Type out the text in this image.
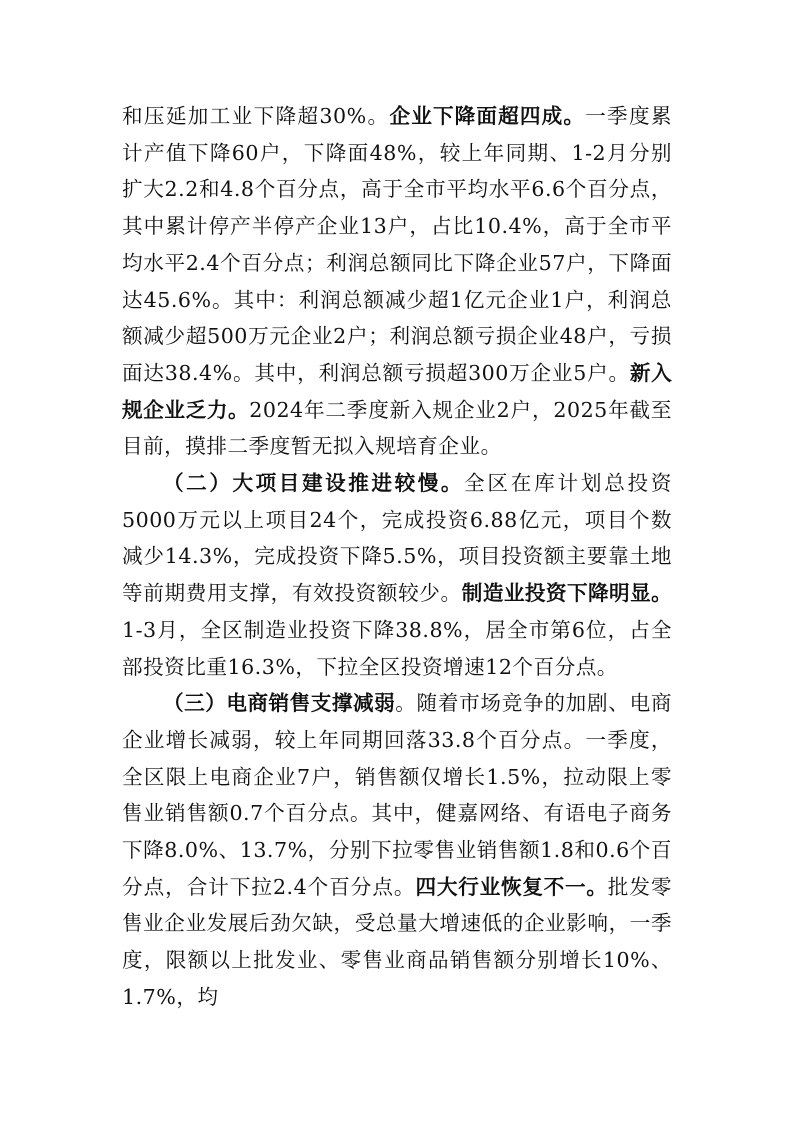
和压延加工业下降超30%。企业下降面超四成。一季度累计产值下降60户，下降面48%，较上年同期、1-2月分别扩大2.2和4.8个百分点，高于全市平均水平6.6个百分点，其中累计停产半停产企业13户，占比10.4%，高于全市平均水平2.4个百分点；利润总额同比下降企业57户，下降面达45.6%。其中：利润总额减少超1亿元企业1户，利润总额减少超500万元企业2户；利润总额亏损企业48户，亏损面达38.4%。其中，利润总额亏损超300万企业5户。新入规企业乏力。2024年二季度新入规企业2户，2025年截至目前，摸排二季度暂无拟入规培育企业。

（二）大项目建设推进较慢。全区在库计划总投资5000万元以上项目24个，完成投资6.88亿元，项目个数减少14.3%，完成投资下降5.5%，项目投资额主要靠土地等前期费用支撑，有效投资额较少。制造业投资下降明显。1-3月，全区制造业投资下降38.8%，居全市第6位，占全部投资比重16.3%，下拉全区投资增速12个百分点。

（三）电商销售支撑减弱。随着市场竞争的加剧、电商企业增长减弱，较上年同期回落33.8个百分点。一季度，全区限上电商企业7户，销售额仅增长1.5%，拉动限上零售业销售额0.7个百分点。其中，健嘉网络、有语电子商务下降8.0%、13.7%，分别下拉零售业销售额1.8和0.6个百分点，合计下拉2.4个百分点。四大行业恢复不一。批发零售业企业发展后劲欠缺，受总量大增速低的企业影响，一季度，限额以上批发业、零售业商品销售额分别增长10%、1.7%，均
